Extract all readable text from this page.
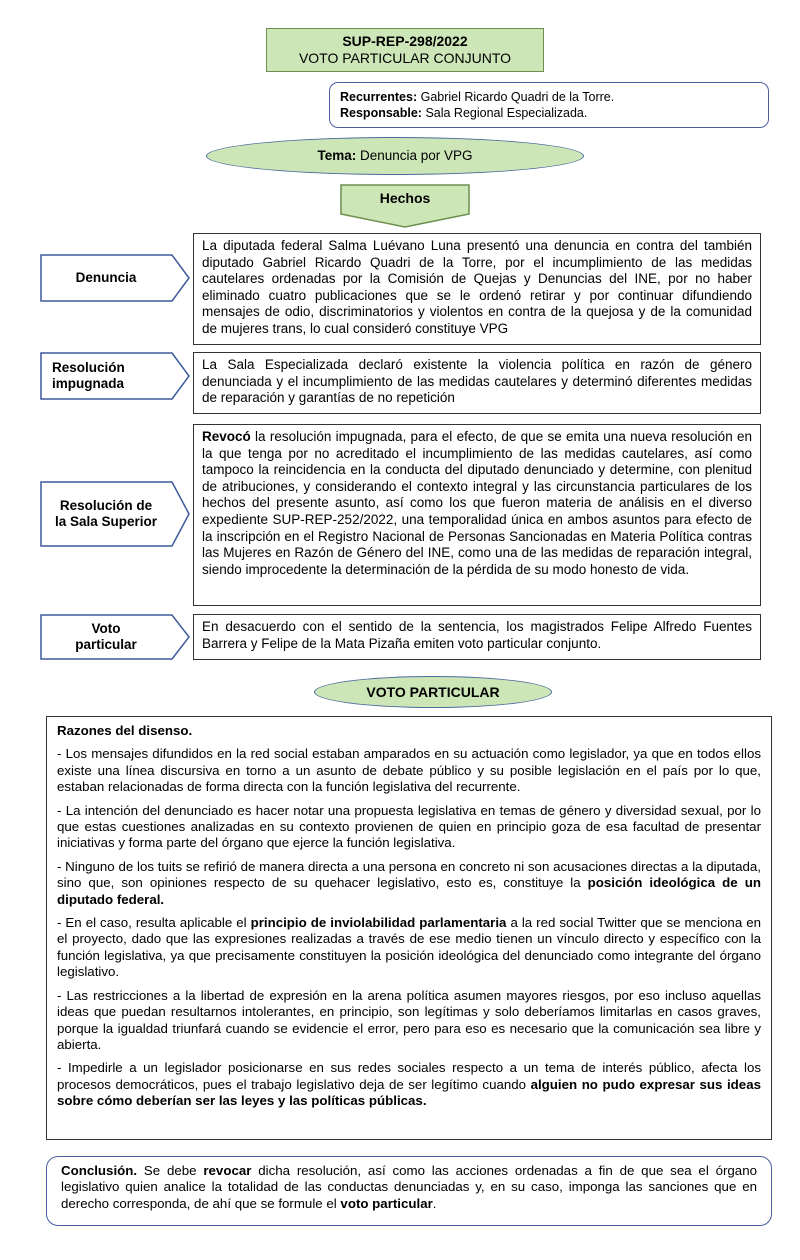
SUP-REP-298/2022
VOTO PARTICULAR CONJUNTO
Recurrentes: Gabriel Ricardo Quadri de la Torre.
Responsable: Sala Regional Especializada.
Tema: Denuncia por VPG
Hechos
Denuncia
La diputada federal Salma Luévano Luna presentó una denuncia en contra del también diputado Gabriel Ricardo Quadri de la Torre, por el incumplimiento de las medidas cautelares ordenadas por la Comisión de Quejas y Denuncias del INE, por no haber eliminado cuatro publicaciones que se le ordenó retirar y por continuar difundiendo mensajes de odio, discriminatorios y violentos en contra de la quejosa y de la comunidad de mujeres trans, lo cual consideró constituye VPG
Resolución impugnada
La Sala Especializada declaró existente la violencia política en razón de género denunciada y el incumplimiento de las medidas cautelares y determinó diferentes medidas de reparación y garantías de no repetición
Resolución de la Sala Superior
Revocó la resolución impugnada, para el efecto, de que se emita una nueva resolución en la que tenga por no acreditado el incumplimiento de las medidas cautelares, así como tampoco la reincidencia en la conducta del diputado denunciado y determine, con plenitud de atribuciones, y considerando el contexto integral y las circunstancia particulares de los hechos del presente asunto, así como los que fueron materia de análisis en el diverso expediente SUP-REP-252/2022, una temporalidad única en ambos asuntos para efecto de la inscripción en el Registro Nacional de Personas Sancionadas en Materia Política contras las Mujeres en Razón de Género del INE, como una de las medidas de reparación integral, siendo improcedente la determinación de la pérdida de su modo honesto de vida.
Voto particular
En desacuerdo con el sentido de la sentencia, los magistrados Felipe Alfredo Fuentes Barrera y Felipe de la Mata Pizaña emiten voto particular conjunto.
VOTO PARTICULAR
Razones del disenso.

- Los mensajes difundidos en la red social estaban amparados en su actuación como legislador, ya que en todos ellos existe una línea discursiva en torno a un asunto de debate público y su posible legislación en el país por lo que, estaban relacionadas de forma directa con la función legislativa del recurrente.

- La intención del denunciado es hacer notar una propuesta legislativa en temas de género y diversidad sexual, por lo que estas cuestiones analizadas en su contexto provienen de quien en principio goza de esa facultad de presentar iniciativas y forma parte del órgano que ejerce la función legislativa.

- Ninguno de los tuits se refirió de manera directa a una persona en concreto ni son acusaciones directas a la diputada, sino que, son opiniones respecto de su quehacer legislativo, esto es, constituye la posición ideológica de un diputado federal.

- En el caso, resulta aplicable el principio de inviolabilidad parlamentaria a la red social Twitter que se menciona en el proyecto, dado que las expresiones realizadas a través de ese medio tienen un vínculo directo y específico con la función legislativa, ya que precisamente constituyen la posición ideológica del denunciado como integrante del órgano legislativo.

- Las restricciones a la libertad de expresión en la arena política asumen mayores riesgos, por eso incluso aquellas ideas que puedan resultarnos intolerantes, en principio, son legítimas y solo deberíamos limitarlas en casos graves, porque la igualdad triunfará cuando se evidencie el error, pero para eso es necesario que la comunicación sea libre y abierta.

- Impedirle a un legislador posicionarse en sus redes sociales respecto a un tema de interés público, afecta los procesos democráticos, pues el trabajo legislativo deja de ser legítimo cuando alguien no pudo expresar sus ideas sobre cómo deberían ser las leyes y las políticas públicas.

Conclusión. Se debe revocar dicha resolución, así como las acciones ordenadas a fin de que sea el órgano legislativo quien analice la totalidad de las conductas denunciadas y, en su caso, imponga las sanciones que en derecho corresponda, de ahí que se formule el voto particular.
